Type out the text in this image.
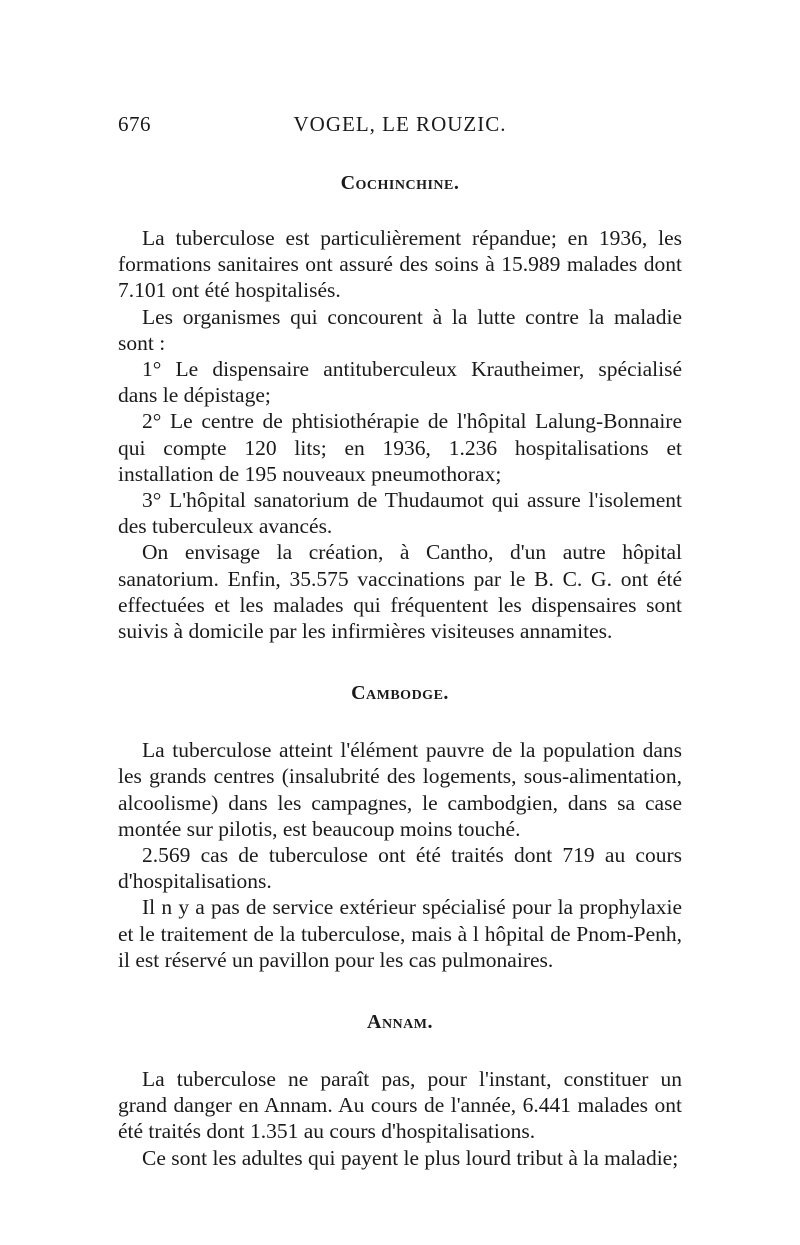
676	VOGEL, LE ROUZIC.
Cochinchine.

La tuberculose est particulièrement répandue; en 1936, les formations sanitaires ont assuré des soins à 15.989 malades dont 7.101 ont été hospitalisés.

Les organismes qui concourent à la lutte contre la maladie sont :

1° Le dispensaire antituberculeux Krautheimer, spécialisé dans le dépistage;

2° Le centre de phtisiothérapie de l'hôpital Lalung-Bonnaire qui compte 120 lits; en 1936, 1.236 hospitalisations et installation de 195 nouveaux pneumothorax;

3° L'hôpital sanatorium de Thudaumot qui assure l'isolement des tuberculeux avancés.

On envisage la création, à Cantho, d'un autre hôpital sanatorium. Enfin, 35.575 vaccinations par le B. C. G. ont été effectuées et les malades qui fréquentent les dispensaires sont suivis à domicile par les infirmières visiteuses annamites.

Cambodge.

La tuberculose atteint l'élément pauvre de la population dans les grands centres (insalubrité des logements, sous-alimentation, alcoolisme) dans les campagnes, le cambodgien, dans sa case montée sur pilotis, est beaucoup moins touché.

2.569 cas de tuberculose ont été traités dont 719 au cours d'hospitalisations.

Il n y a pas de service extérieur spécialisé pour la prophylaxie et le traitement de la tuberculose, mais à l hôpital de Pnom-Penh, il est réservé un pavillon pour les cas pulmonaires.

Annam.

La tuberculose ne paraît pas, pour l'instant, constituer un grand danger en Annam. Au cours de l'année, 6.441 malades ont été traités dont 1.351 au cours d'hospitalisations.

Ce sont les adultes qui payent le plus lourd tribut à la maladie;
